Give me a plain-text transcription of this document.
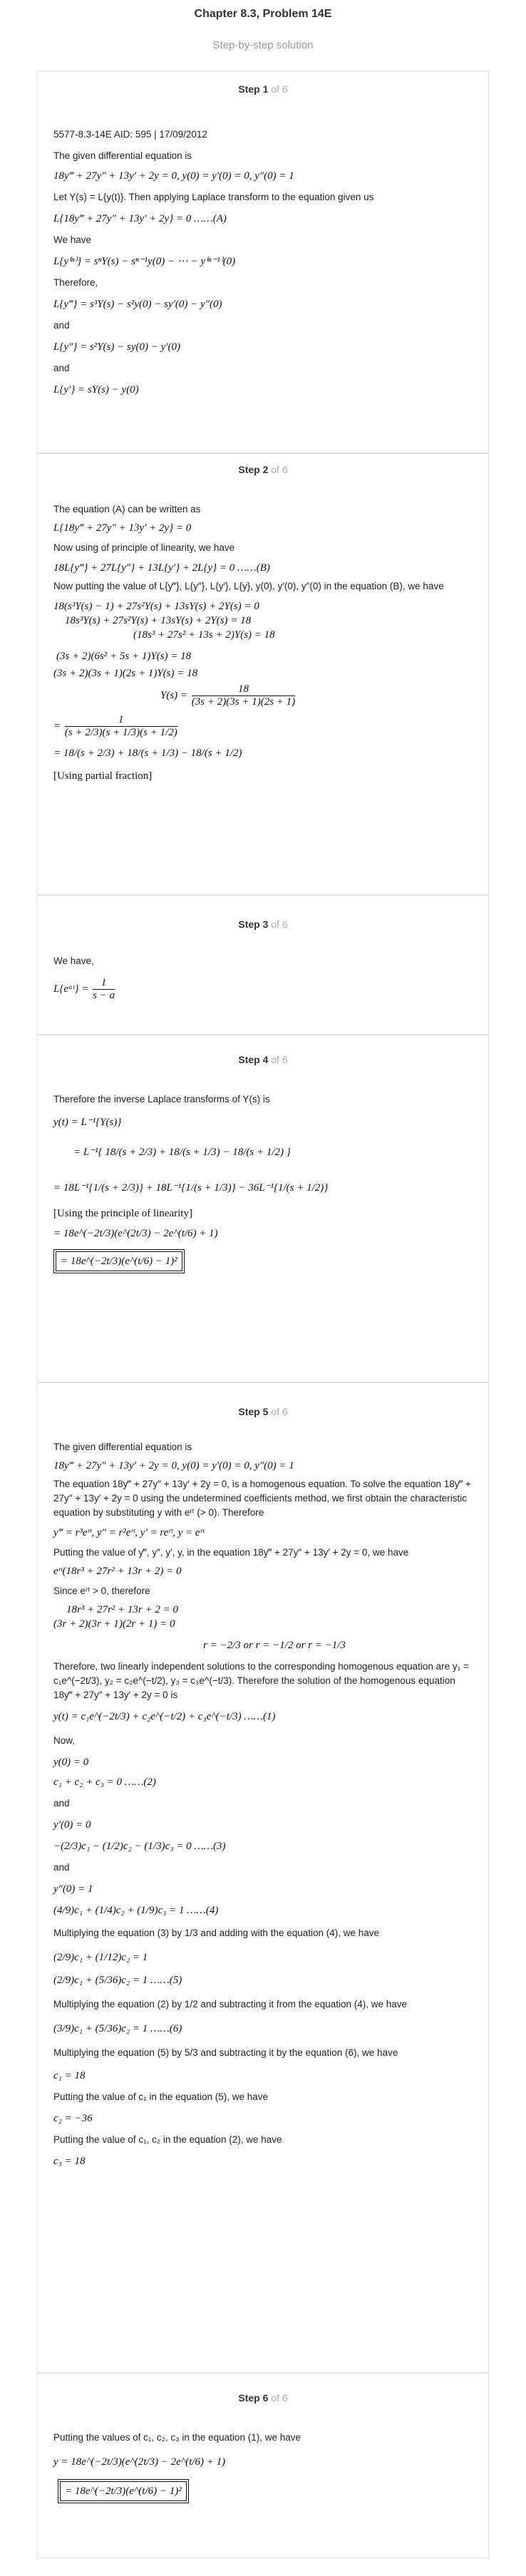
Chapter 8.3, Problem 14E

Step-by-step solution

Step 1 of 6

5577-8.3-14E AID: 595 | 17/09/2012

The given differential equation is

18y‴ + 27y″ + 13y′ + 2y = 0, y(0) = y′(0) = 0, y″(0) = 1

Let Y(s) = L{y(t)}. Then applying Laplace transform to the equation given us

L{18y‴ + 27y″ + 13y′ + 2y} = 0 ……(A)

We have

L{y⁽ⁿ⁾} = sⁿY(s) − sⁿ⁻¹y(0) − ⋯ − y⁽ⁿ⁻¹⁾(0)

Therefore,

L{y‴} = s³Y(s) − s²y(0) − sy′(0) − y″(0)

and

L{y″} = s²Y(s) − sy(0) − y′(0)

and

L{y′} = sY(s) − y(0)

Step 2 of 6

The equation (A) can be written as

L{18y‴ + 27y″ + 13y′ + 2y} = 0

Now using of principle of linearity, we have

18L{y‴} + 27L{y″} + 13L{y′} + 2L{y} = 0 ……(B)

Now putting the value of L{y‴}, L{y″}, L{y′}, L{y}, y(0), y′(0), y″(0) in the equation (B), we have

18(s³Y(s) − 1) + 27s²Y(s) + 13sY(s) + 2Y(s) = 0

18s³Y(s) + 27s²Y(s) + 13sY(s) + 2Y(s) = 18

(18s³ + 27s² + 13s + 2)Y(s) = 18

(3s + 2)(6s² + 5s + 1)Y(s) = 18

(3s + 2)(3s + 1)(2s + 1)Y(s) = 18

$Y(s) = \frac{18}{(3s + 2)(3s + 1)(2s + 1)}$

= $\frac{1}{(s + 2/3)(s + 1/3)(s + 1/2)}$

= 18/(s + 2/3) + 18/(s + 1/3) − 18/(s + 1/2)

[Using partial fraction]

Step 3 of 6

We have,

L{eᵃᵗ} = $\frac{1}{s - a}$

Step 4 of 6

Therefore the inverse Laplace transforms of Y(s) is

y(t) = L⁻¹{Y(s)}

= L⁻¹{ 18/(s + 2/3) + 18/(s + 1/3) − 18/(s + 1/2) }

= 18L⁻¹{1/(s + 2/3)} + 18L⁻¹{1/(s + 1/3)} − 36L⁻¹{1/(s + 1/2)}

[Using the principle of linearity]

= 18e^(−2t/3)(e^(2t/3) − 2e^(t/6) + 1)

= 18e^(−2t/3)(e^(t/6) − 1)²

Step 5 of 6

The given differential equation is

18y‴ + 27y″ + 13y′ + 2y = 0, y(0) = y′(0) = 0, y″(0) = 1

The equation 18y‴ + 27y″ + 13y′ + 2y = 0, is a homogenous equation. To solve the equation 18y‴ + 27y″ + 13y′ + 2y = 0 using the undetermined coefficients method, we first obtain the characteristic equation by substituting y with eʳᵗ (> 0). Therefore

y‴ = r³eʳᵗ, y″ = r²eʳᵗ, y′ = reʳᵗ, y = eʳᵗ

Putting the value of y‴, y″, y′, y, in the equation 18y‴ + 27y″ + 13y′ + 2y = 0, we have

eʳᵗ(18r³ + 27r² + 13r + 2) = 0

Since eʳᵗ > 0, therefore

18r³ + 27r² + 13r + 2 = 0

(3r + 2)(3r + 1)(2r + 1) = 0

r = −2/3 or r = −1/2 or r = −1/3

Therefore, two linearly independent solutions to the corresponding homogenous equation are y₁ = c₁e^(−2t/3), y₂ = c₂e^(−t/2), y₃ = c₃e^(−t/3). Therefore the solution of the homogenous equation 18y‴ + 27y″ + 13y′ + 2y = 0 is

y(t) = c₁e^(−2t/3) + c₂e^(−t/2) + c₃e^(−t/3) ……(1)

Now,

y(0) = 0

c₁ + c₂ + c₃ = 0 ……(2)

and

y′(0) = 0

−(2/3)c₁ − (1/2)c₂ − (1/3)c₃ = 0 ……(3)

and

y″(0) = 1

(4/9)c₁ + (1/4)c₂ + (1/9)c₃ = 1 ……(4)

Multiplying the equation (3) by 1/3 and adding with the equation (4), we have

(2/9)c₁ + (1/12)c₂ = 1

(2/9)c₁ + (5/36)c₂ = 1 ……(5)

Multiplying the equation (2) by 1/2 and subtracting it from the equation (4), we have

(3/9)c₁ + (5/36)c₂ = 1 ……(6)

Multiplying the equation (5) by 5/3 and subtracting it by the equation (6), we have

c₁ = 18

Putting the value of c₁ in the equation (5), we have

c₂ = −36

Putting the value of c₁, c₂ in the equation (2), we have

c₃ = 18

Step 6 of 6

Putting the values of c₁, c₂, c₃ in the equation (1), we have

y = 18e^(−2t/3)(e^(2t/3) − 2e^(t/6) + 1)

= 18e^(−2t/3)(e^(t/6) − 1)²
